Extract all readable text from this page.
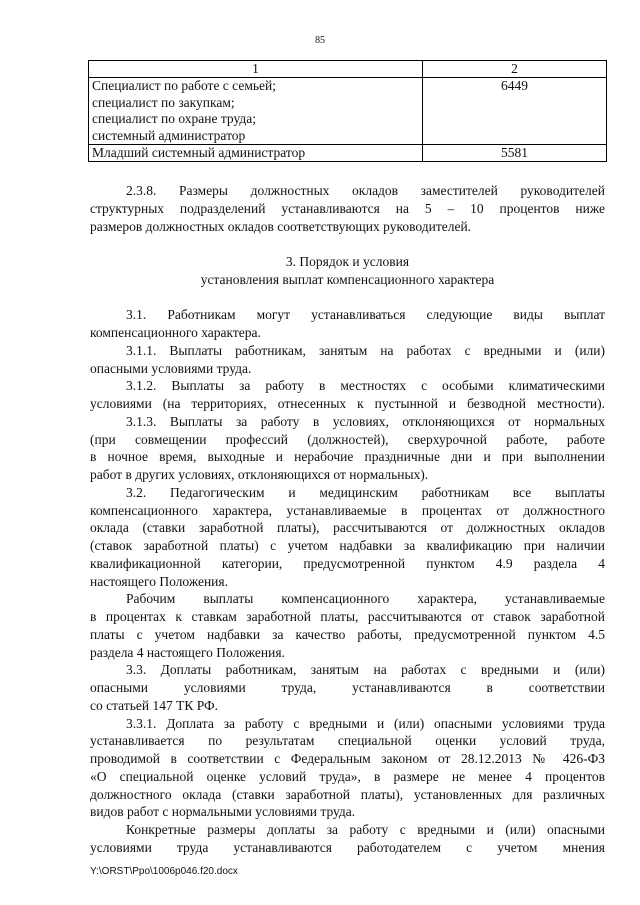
85
1	2

Специалист по работе с семьей;
специалист по закупкам;
специалист по охране труда;
системный администратор	6449

Младший системный администратор	5581
2.3.8. Размеры должностных окладов заместителей руководителей
структурных подразделений устанавливаются на 5 – 10 процентов ниже
размеров должностных окладов соответствующих руководителей.
3. Порядок и условия
установления выплат компенсационного характера
3.1. Работникам могут устанавливаться следующие виды выплат
компенсационного характера.
3.1.1. Выплаты работникам, занятым на работах с вредными и (или)
опасными условиями труда.
3.1.2. Выплаты за работу в местностях с особыми климатическими
условиями (на территориях, отнесенных к пустынной и безводной местности).
3.1.3. Выплаты за работу в условиях, отклоняющихся от нормальных
(при совмещении профессий (должностей), сверхурочной работе, работе
в ночное время, выходные и нерабочие праздничные дни и при выполнении
работ в других условиях, отклоняющихся от нормальных).
3.2. Педагогическим и медицинским работникам все выплаты
компенсационного характера, устанавливаемые в процентах от должностного
оклада (ставки заработной платы), рассчитываются от должностных окладов
(ставок заработной платы) с учетом надбавки за квалификацию при наличии
квалификационной категории, предусмотренной пунктом 4.9 раздела 4
настоящего Положения.
Рабочим выплаты компенсационного характера, устанавливаемые
в процентах к ставкам заработной платы, рассчитываются от ставок заработной
платы с учетом надбавки за качество работы, предусмотренной пунктом 4.5
раздела 4 настоящего Положения.
3.3. Доплаты работникам, занятым на работах с вредными и (или)
опасными условиями труда, устанавливаются в соответствии
со статьей 147 ТК РФ.
3.3.1. Доплата за работу с вредными и (или) опасными условиями труда
устанавливается по результатам специальной оценки условий труда,
проводимой в соответствии с Федеральным законом от 28.12.2013 № 426-ФЗ
«О специальной оценке условий труда», в размере не менее 4 процентов
должностного оклада (ставки заработной платы), установленных для различных
видов работ с нормальными условиями труда.
Конкретные размеры доплаты за работу с вредными и (или) опасными
условиями труда устанавливаются работодателем с учетом мнения
Y:\ORST\Ppo\1006p046.f20.docx
